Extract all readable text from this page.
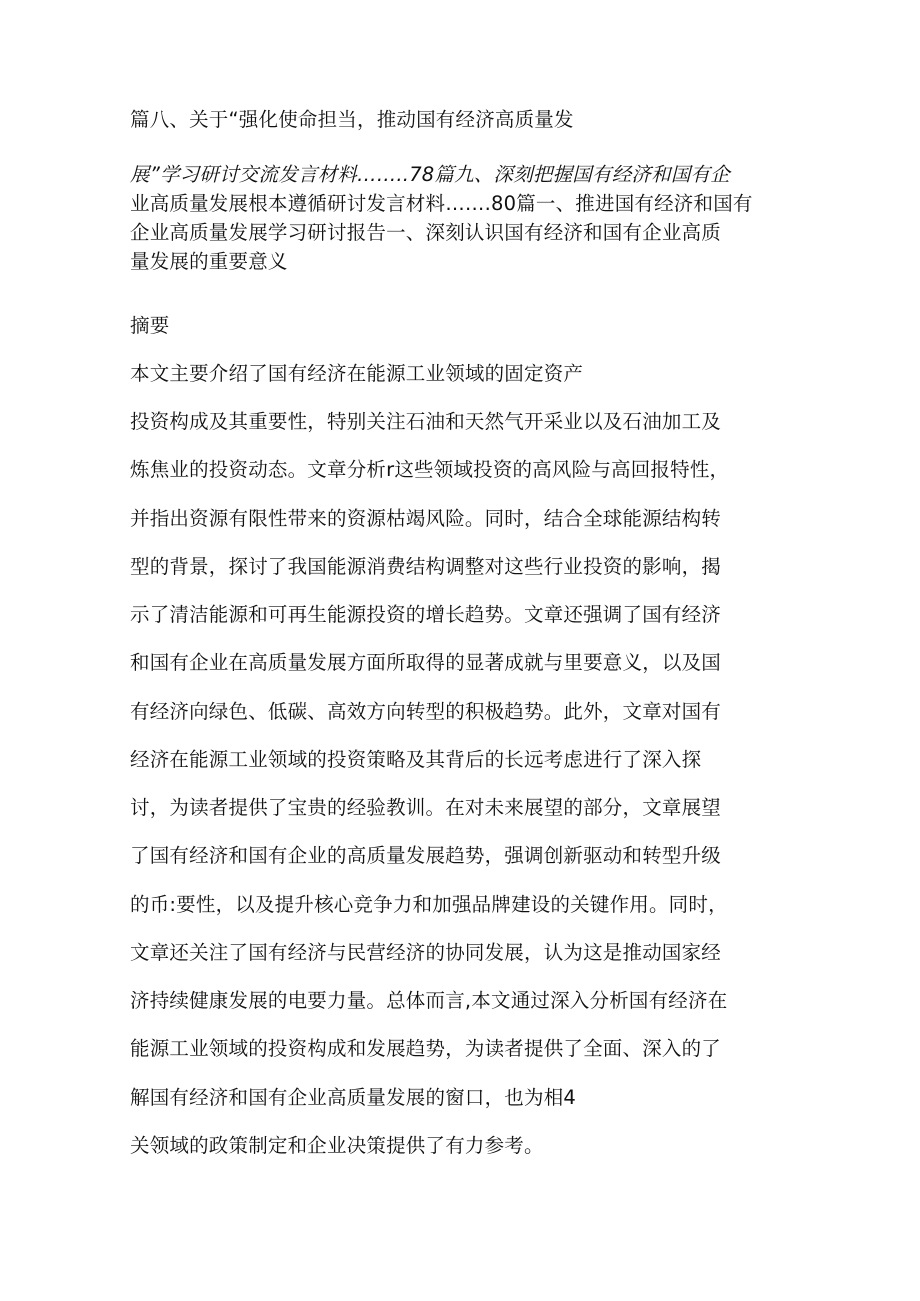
篇八、关于“强化使命担当，推动国有经济高质量发
展”学习研讨交流发言材料……..78篇九、深刻把握国有经济和国有企
业高质量发展根本遵循研讨发言材料…….80篇一、推进国有经济和国有
企业高质量发展学习研讨报告一、深刻认识国有经济和国有企业高质
量发展的重要意义
摘要
本文主要介绍了国有经济在能源工业领域的固定资产
投资构成及其重要性，特别关注石油和天然气开采业以及石油加工及
炼焦业的投资动态。文章分析r这些领域投资的高风险与高回报特性，
并指出资源有限性带来的资源枯竭风险。同时，结合全球能源结构转
型的背景，探讨了我国能源消费结构调整对这些行业投资的影响，揭
示了清洁能源和可再生能源投资的增长趋势。文章还强调了国有经济
和国有企业在高质量发展方面所取得的显著成就与里要意义，以及国
有经济向绿色、低碳、高效方向转型的积极趋势。此外，文章对国有
经济在能源工业领域的投资策略及其背后的长远考虑进行了深入探
讨，为读者提供了宝贵的经验教训。在对未来展望的部分，文章展望
了国有经济和国有企业的高质量发展趋势，强调创新驱动和转型升级
的币:要性，以及提升核心竞争力和加强品牌建设的关键作用。同时，
文章还关注了国有经济与民营经济的协同发展，认为这是推动国家经
济持续健康发展的电要力量。总体而言,本文通过深入分析国有经济在
能源工业领域的投资构成和发展趋势，为读者提供了全面、深入的了
解国有经济和国有企业高质量发展的窗口，也为相4
关领域的政策制定和企业决策提供了有力参考。
